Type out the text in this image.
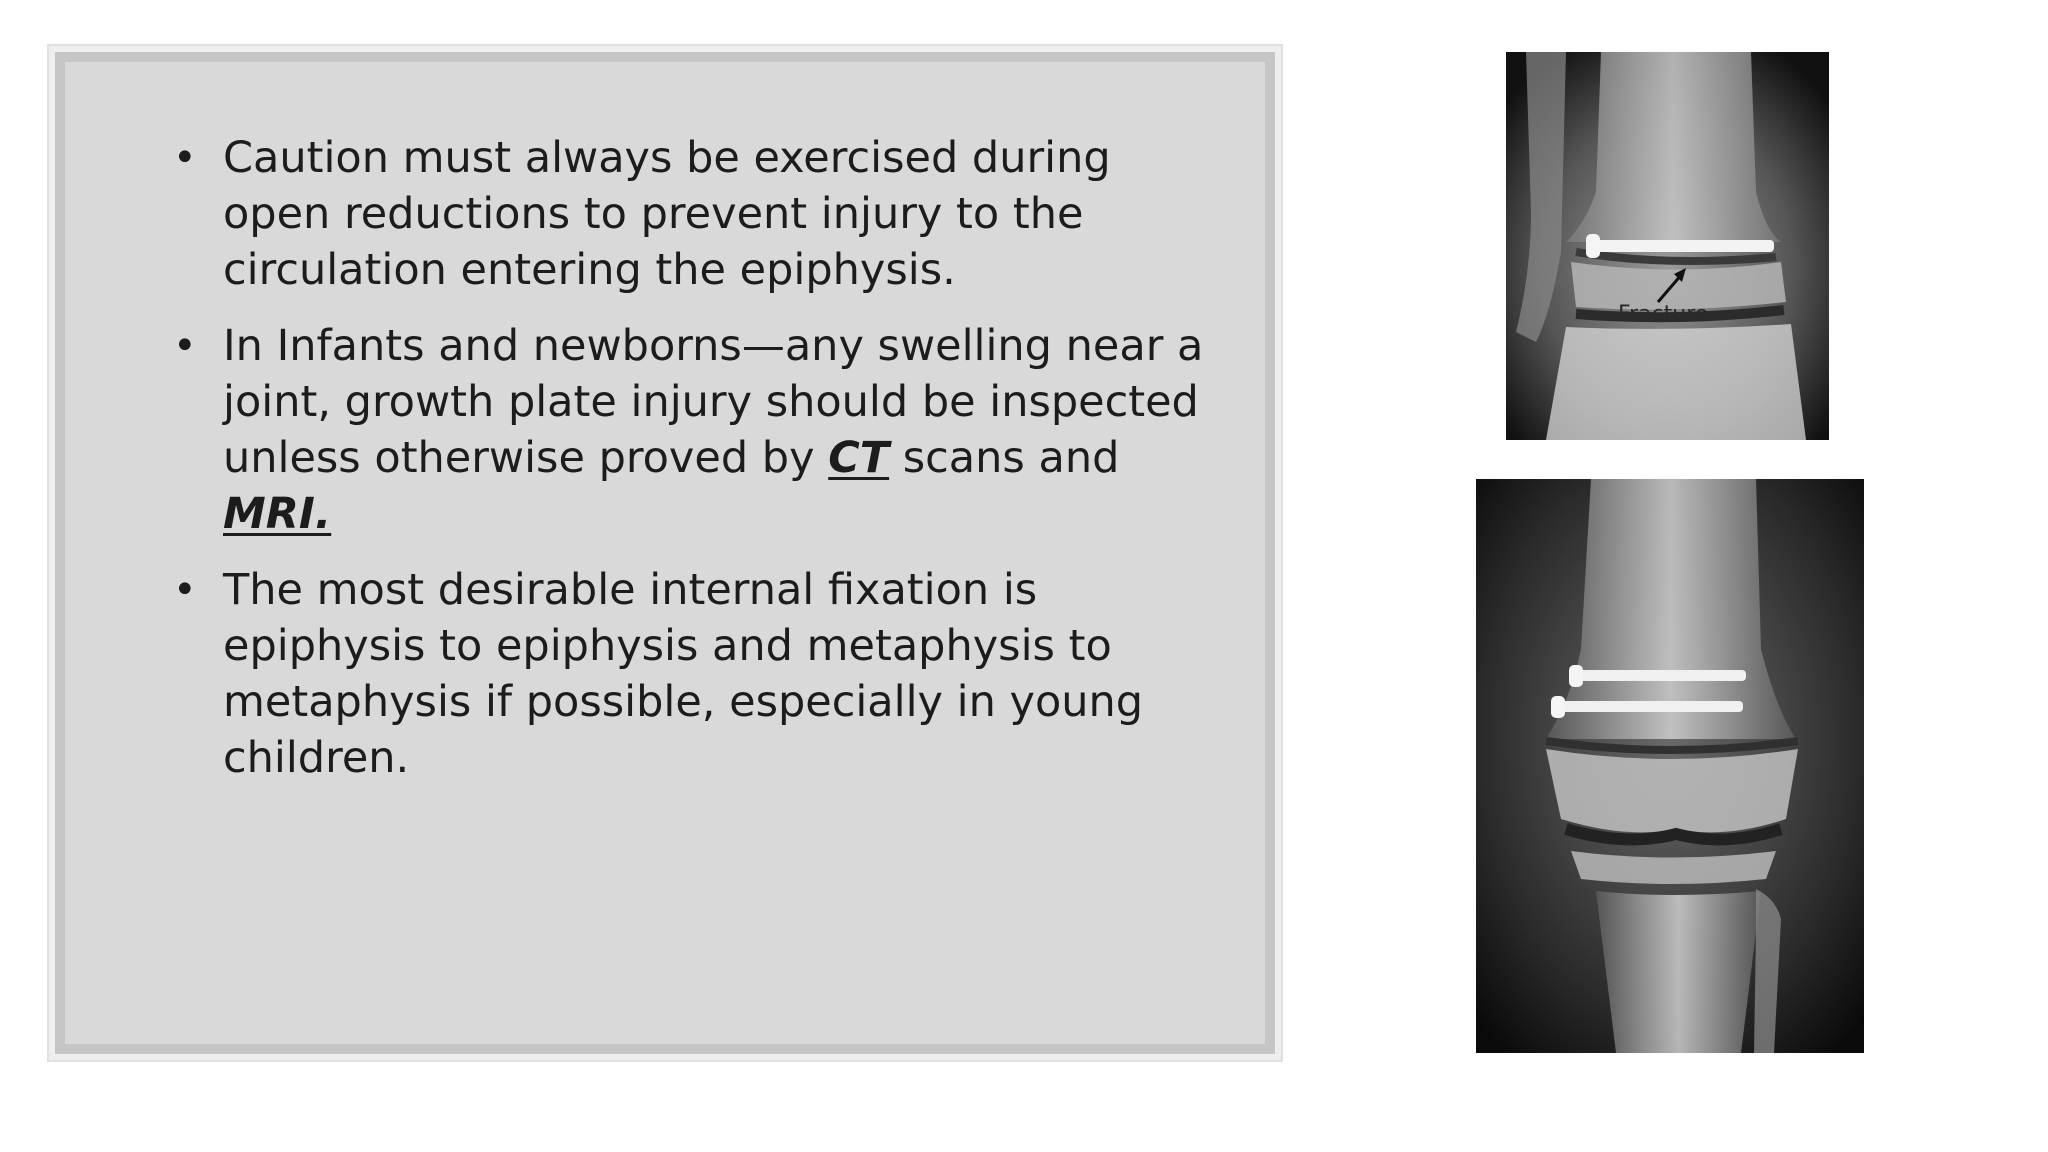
• Caution must always be exercised during open reductions to prevent injury to the circulation entering the epiphysis.
• In Infants and newborns—any swelling near a joint, growth plate injury should be inspected unless otherwise proved by CT scans and MRI.
• The most desirable internal fixation is epiphysis to epiphysis and metaphysis to metaphysis if possible, especially in young children.
Fracture
